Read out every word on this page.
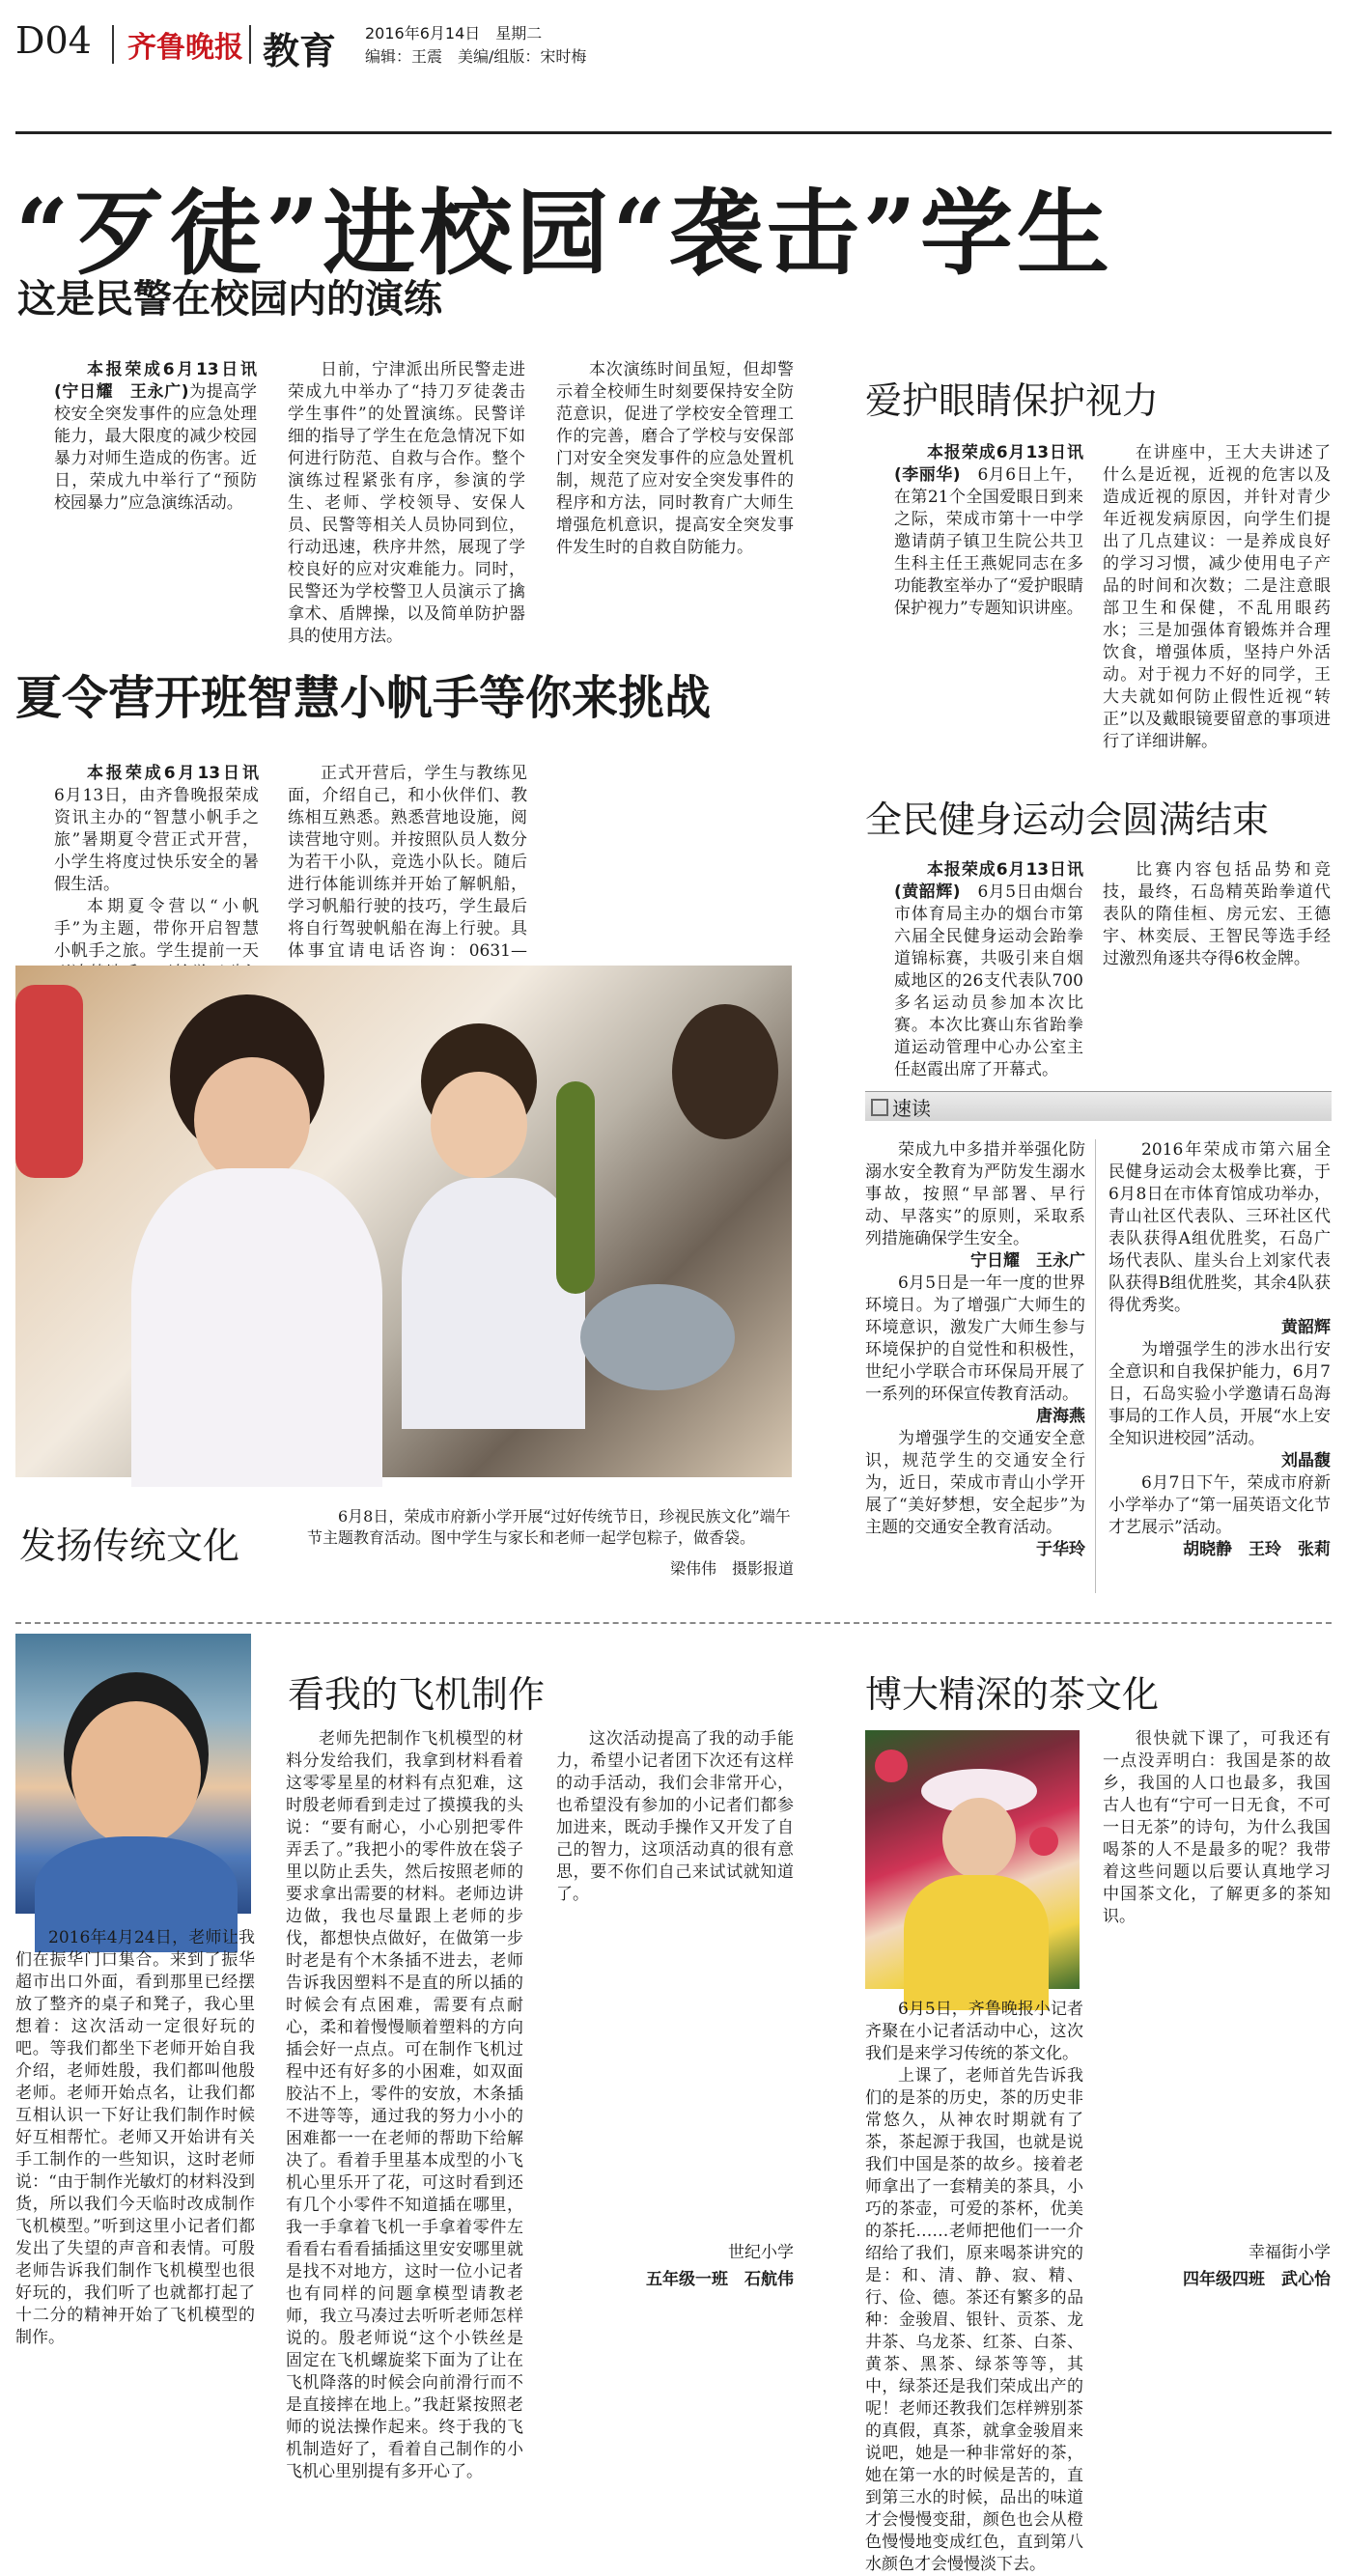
D04 齐鲁晚报 教育 2016年6月14日　星期二
编辑：王震　美编/组版：宋时梅
“歹徒”进校园“袭击”学生
这是民警在校园内的演练

本报荣成6月13日讯(宁日耀　王永广)为提高学校安全突发事件的应急处理能力，最大限度的减少校园暴力对师生造成的伤害。近日，荣成九中举行了“预防校园暴力”应急演练活动。

日前，宁津派出所民警走进荣成九中举办了“持刀歹徒袭击学生事件”的处置演练。民警详细的指导了学生在危急情况下如何进行防范、自救与合作。整个演练过程紧张有序，参演的学生、老师、学校领导、安保人员、民警等相关人员协同到位，行动迅速，秩序井然，展现了学校良好的应对灾难能力。同时，民警还为学校警卫人员演示了擒拿术、盾牌操，以及简单防护器具的使用方法。

本次演练时间虽短，但却警示着全校师生时刻要保持安全防范意识，促进了学校安全管理工作的完善，磨合了学校与安保部门对安全突发事件的应急处置机制，规范了应对安全突发事件的程序和方法，同时教育广大师生增强危机意识，提高安全突发事件发生时的自救自防能力。

夏令营开班智慧小帆手等你来挑战

本报荣成6月13日讯　6月13日，由齐鲁晚报荣成资讯主办的“智慧小帆手之旅”暑期夏令营正式开营，小学生将度过快乐安全的暑假生活。

本期夏令营以“小帆手”为主题，带你开启智慧小帆手之旅。学生提前一天

正式开营后，学生与教练见面，介绍自己，和小伙伴们、教练相互熟悉。熟悉营地设施，阅读营地守则。并按照队员人数分为若干小队，竞选小队长。随后进行体能训练并开始了解帆船，学习帆船行驶的技巧，学生最后将自行驾驶帆船在海上行驶。具体事宜请电话咨询：0631—

发扬传统文化
6月8日，荣成市府新小学开展“过好传统节日，珍视民族文化”端午节主题教育活动。图中学生与家长和老师一起学包粽子，做香袋。
梁伟伟　摄影报道
爱护眼睛保护视力

本报荣成6月13日讯(李丽华)　 6月6日上午，在第21个全国爱眼日到来之际，荣成市第十一中学邀请荫子镇卫生院公共卫生科主任王燕妮同志在多功能教室举办了“爱护眼睛　保护视力”专题知识讲座。

在讲座中，王大夫讲述了什么是近视，近视的危害以及造成近视的原因，并针对青少年近视发病原因，向学生们提出了几点建议：一是养成良好的学习习惯，减少使用电子产品的时间和次数；二是注意眼部卫生和保健，不乱用眼药水；三是加强体育锻炼并合理饮食，增强体质，坚持户外活动。对于视力不好的同学，王大夫就如何防止假性近视“转正”以及戴眼镜要留意的事项进行了详细讲解。

全民健身运动会圆满结束

本报荣成6月13日讯(黄韶辉)　 6月5日由烟台市体育局主办的烟台市第六届全民健身运动会跆拳道锦标赛，共吸引来自烟威地区的26支代表队700多名运动员参加本次比赛。本次比赛山东省跆拳道运动管理中心办公室主任赵霞出席了开幕式。

比赛内容包括品势和竞技，最终，石岛精英跆拳道代表队的隋佳桓、房元宏、王德宇、林奕辰、王智民等选手经过激烈角逐共夺得6枚金牌。

速读

荣成九中多措并举强化防溺水安全教育为严防发生溺水事故，按照“早部署、早行动、早落实”的原则，采取系列措施确保学生安全。

宁日耀　王永广

6月5日是一年一度的世界环境日。为了增强广大师生的环境意识，激发广大师生参与环境保护的自觉性和积极性，世纪小学联合市环保局开展了一系列的环保宣传教育活动。

唐海燕

为增强学生的交通安全意识，规范学生的交通安全行为，近日，荣成市青山小学开展了“美好梦想，安全起步”为主题的交通安全教育活动。

于华玲

2016年荣成市第六届全民健身运动会太极拳比赛，于6月8日在市体育馆成功举办，青山社区代表队、三环社区代表队获得A组优胜奖，石岛广场代表队、崖头台上刘家代表队获得B组优胜奖，其余4队获得优秀奖。

黄韶辉

为增强学生的涉水出行安全意识和自我保护能力，6月7日，石岛实验小学邀请石岛海事局的工作人员，开展“水上安全知识进校园”活动。

刘晶馥

6月7日下午，荣成市府新小学举办了“第一届英语文化节才艺展示”活动。

胡晓静　王玲　张莉
看我的飞机制作

2016年4月24日，老师让我们在振华门口集合。来到了振华超市出口外面，看到那里已经摆放了整齐的桌子和凳子，我心里想着：这次活动一定很好玩的吧。等我们都坐下老师开始自我介绍，老师姓殷，我们都叫他殷老师。老师开始点名，让我们都互相认识一下好让我们制作时候好互相帮忙。老师又开始讲有关手工制作的一些知识，这时老师说：“由于制作光敏灯的材料没到货，所以我们今天临时改成制作飞机模型。”听到这里小记者们都发出了失望的声音和表情。可殷老师告诉我们制作飞机模型也很好玩的，我们听了也就都打起了十二分的精神开始了飞机模型的制作。

老师先把制作飞机模型的材料分发给我们，我拿到材料看着这零零星星的材料有点犯难，这时殷老师看到走过了摸摸我的头说：“要有耐心，小心别把零件弄丢了。”我把小的零件放在袋子里以防止丢失，然后按照老师的要求拿出需要的材料。老师边讲边做，我也尽量跟上老师的步伐，都想快点做好，在做第一步时老是有个木条插不进去，老师告诉我因塑料不是直的所以插的时候会有点困难，需要有点耐心，柔和着慢慢顺着塑料的方向插会好一点点。可在制作飞机过程中还有好多的小困难，如双面胶沾不上，零件的安放，木条插不进等等，通过我的努力小小的困难都一一在老师的帮助下给解决了。看着手里基本成型的小飞机心里乐开了花，可这时看到还有几个小零件不知道插在哪里，我一手拿着飞机一手拿着零件左看看右看看插插这里安安哪里就是找不对地方，这时一位小记者也有同样的问题拿模型请教老师，我立马凑过去听听老师怎样说的。殷老师说“这个小铁丝是固定在飞机螺旋桨下面为了让在飞机降落的时候会向前滑行而不是直接摔在地上。”我赶紧按照老师的说法操作起来。终于我的飞机制造好了，看着自己制作的小飞机心里别提有多开心了。

这次活动提高了我的动手能力，希望小记者团下次还有这样的动手活动，我们会非常开心，也希望没有参加的小记者们都参加进来，既动手操作又开发了自己的智力，这项活动真的很有意思，要不你们自己来试试就知道了。

世纪小学
五年级一班　石航伟
博大精深的茶文化

6月5日，齐鲁晚报小记者齐聚在小记者活动中心，这次我们是来学习传统的茶文化。

上课了，老师首先告诉我们的是茶的历史，茶的历史非常悠久，从神农时期就有了茶，茶起源于我国，也就是说我们中国是茶的故乡。接着老师拿出了一套精美的茶具，小巧的茶壶，可爱的茶杯，优美的茶托……老师把他们一一介绍给了我们，原来喝茶讲究的是：和、清、静、寂、精、行、俭、德。茶还有繁多的品种：金骏眉、银针、贡茶、龙井茶、乌龙茶、红茶、白茶、黄茶、黑茶、绿茶等等，其中，绿茶还是我们荣成出产的呢！老师还教我们怎样辨别茶的真假，真茶，就拿金骏眉来说吧，她是一种非常好的茶，她在第一水的时候是苦的，直到第三水的时候，品出的味道才会慢慢变甜，颜色也会从橙色慢慢地变成红色，直到第八水颜色才会慢慢淡下去。

很快就下课了，可我还有一点没弄明白：我国是茶的故乡，我国的人口也最多，我国古人也有“宁可一日无食，不可一日无茶”的诗句，为什么我国喝茶的人不是最多的呢？我带着这些问题以后要认真地学习中国茶文化，了解更多的茶知识。

幸福街小学
四年级四班　武心怡
